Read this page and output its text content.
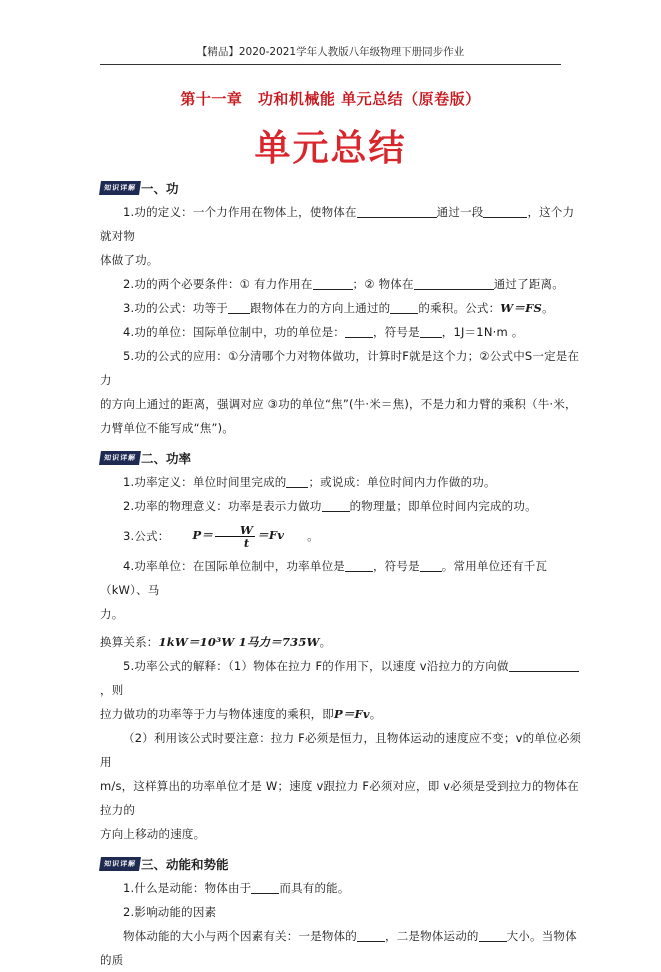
【精品】2020-2021学年人教版八年级物理下册同步作业
第十一章　功和机械能 单元总结（原卷版）
单元总结
知识详解 一、功

1.功的定义：一个力作用在物体上，使物体在	通过一段	，这个力就对物

体做了功。

2.功的两个必要条件：① 有力作用在	；② 物体在	通过了距离。

3.功的公式：功等于 跟物体在力的方向上通过的 的乘积。公式：W＝FS。

4.功的单位：国际单位制中，功的单位是： ，符号是 ，1J＝1N·m 。

5.功的公式的应用：①分清哪个力对物体做功，计算时F就是这个力；②公式中S一定是在力

的方向上通过的距离，强调对应 ③功的单位“焦”(牛·米＝焦)，不是力和力臂的乘积（牛·米，

力臂单位不能写成“焦”)。

知识详解 二、功率

1.功率定义：单位时间里完成的 ；或说成：单位时间内力作做的功。

2.功率的物理意义：功率是表示力做功 的物理量；即单位时间内完成的功。

3.公式：	$P= \frac{W}{t} =Fv$	。

4.功率单位：在国际单位制中，功率单位是 ，符号是 。常用单位还有千瓦（kW）、马

力。

换算关系：1kW＝10³W 1马力＝735W。

5.功率公式的解释：（1）物体在拉力 F的作用下，以速度 v沿拉力的方向做，则

拉力做功的功率等于力与物体速度的乘积，即P＝Fv。

（2）利用该公式时要注意：拉力 F必须是恒力，且物体运动的速度应不变；v的单位必须用

m/s，这样算出的功率单位才是 W；速度 v跟拉力 F必须对应，即 v必须是受到拉力的物体在拉力的

方向上移动的速度。

知识详解 三、动能和势能

1.什么是动能：物体由于 而具有的能。

2.影响动能的因素

物体动能的大小与两个因素有关：一是物体的 ，二是物体运动的 大小。当物体的质
